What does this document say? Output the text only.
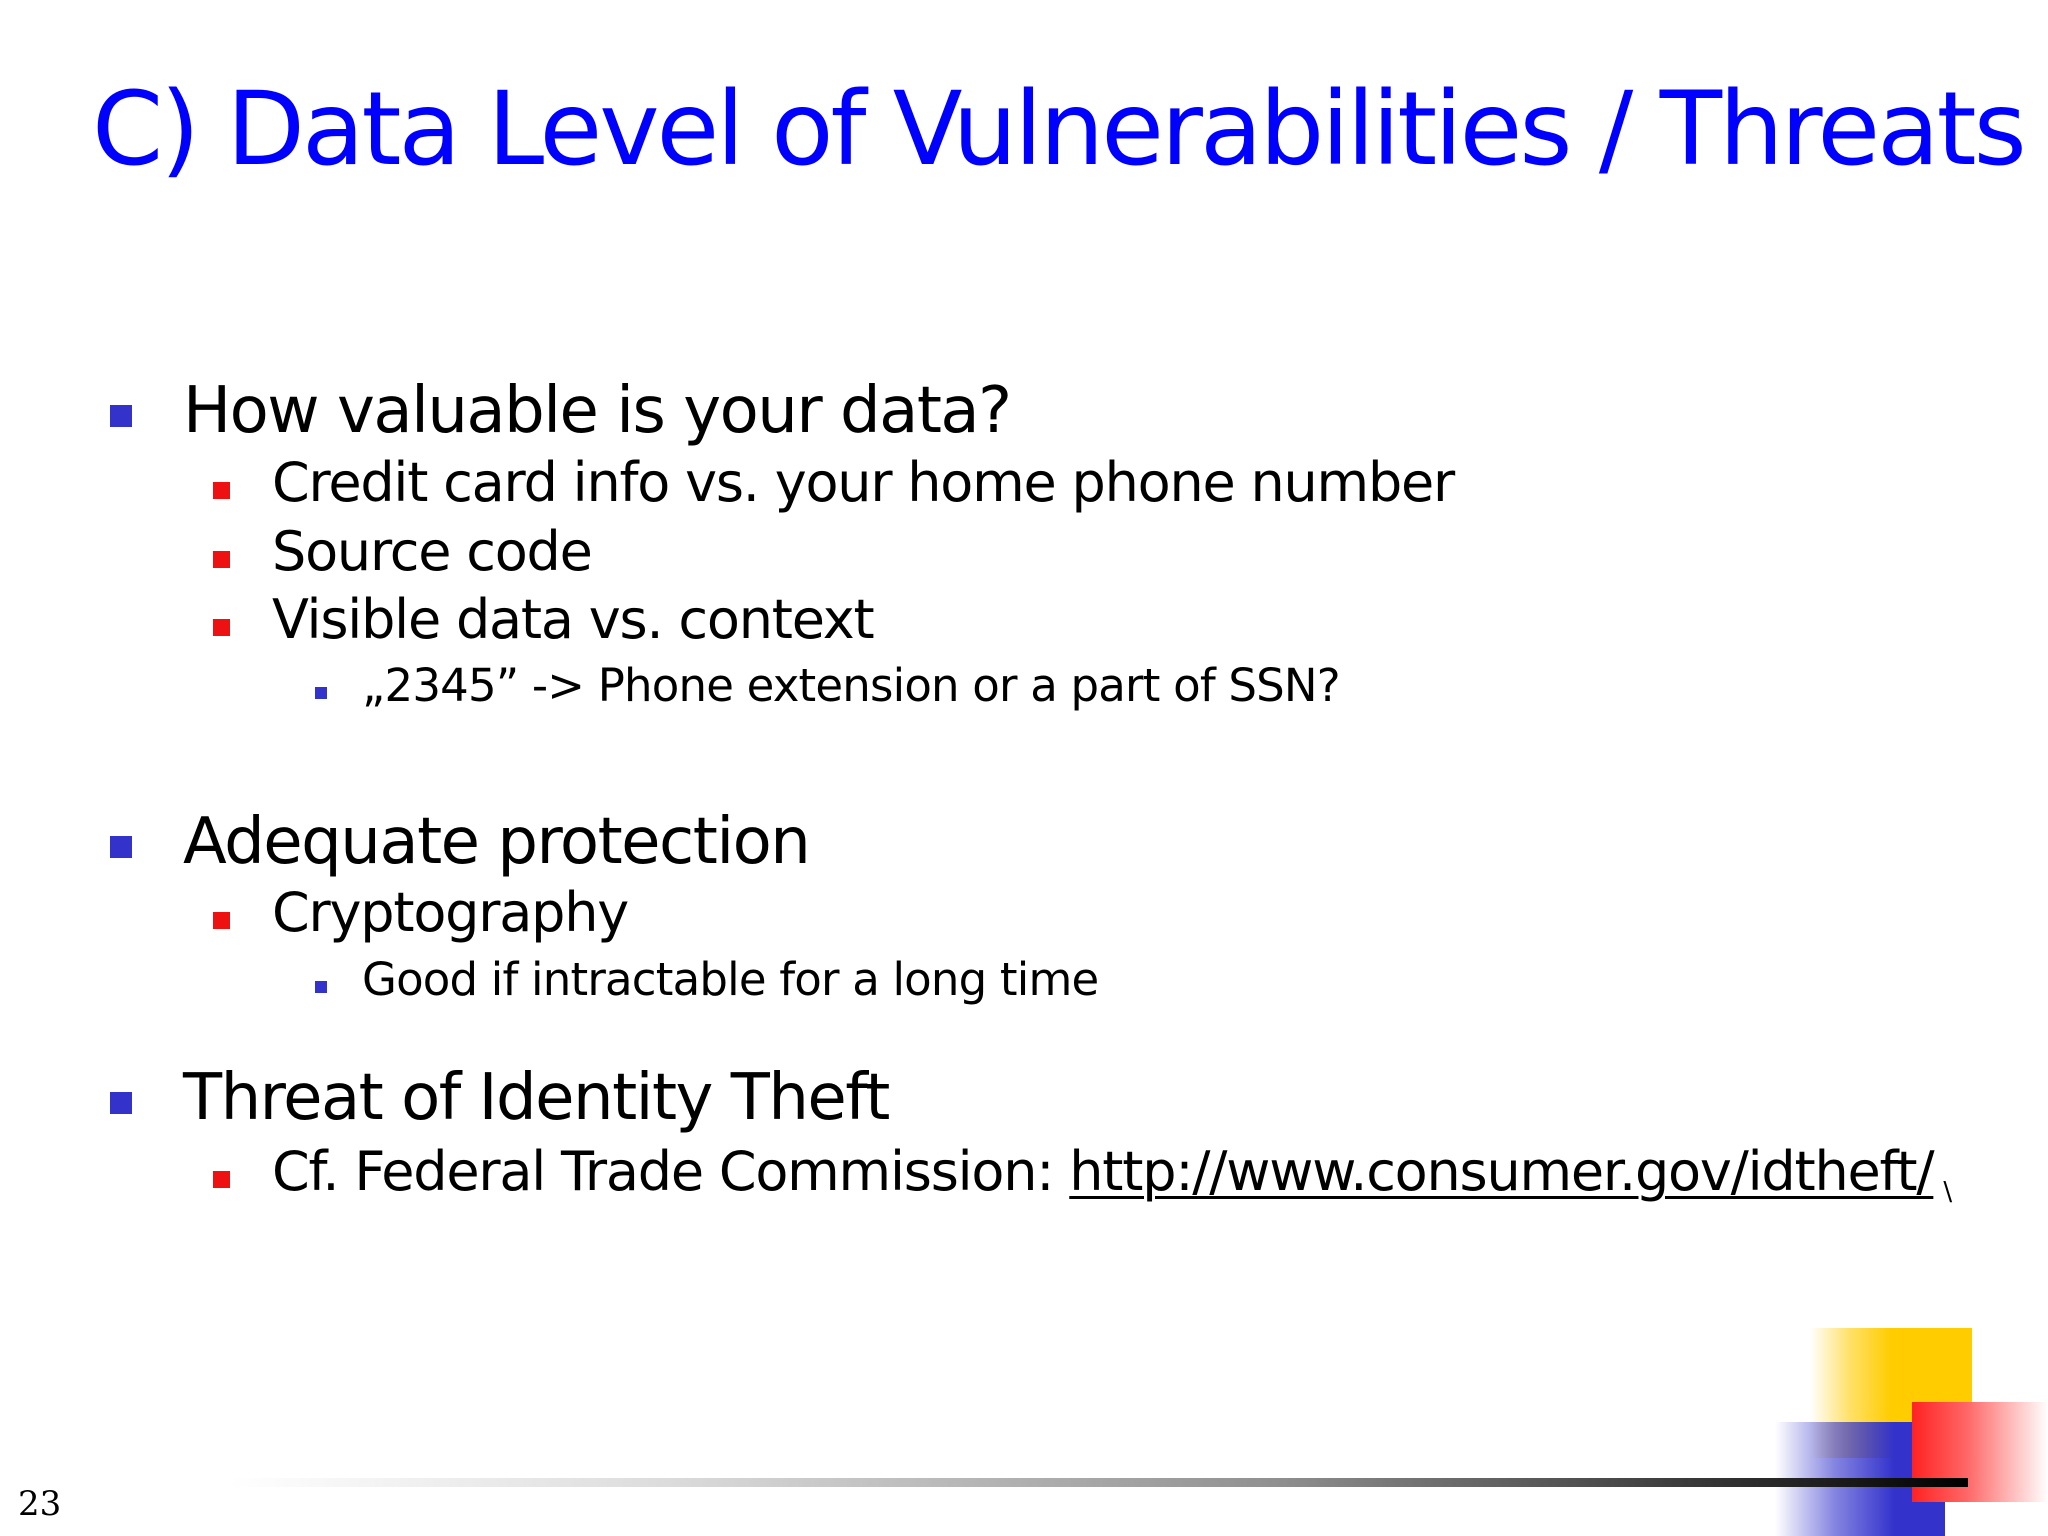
C) Data Level of Vulnerabilities / Threats
How valuable is your data?
Credit card info vs. your home phone number
Source code
Visible data vs. context
„2345” -> Phone extension or a part of SSN?
Adequate protection
Cryptography
Good if intractable for a long time
Threat of Identity Theft
Cf. Federal Trade Commission: http://www.consumer.gov/idtheft/ \
23
